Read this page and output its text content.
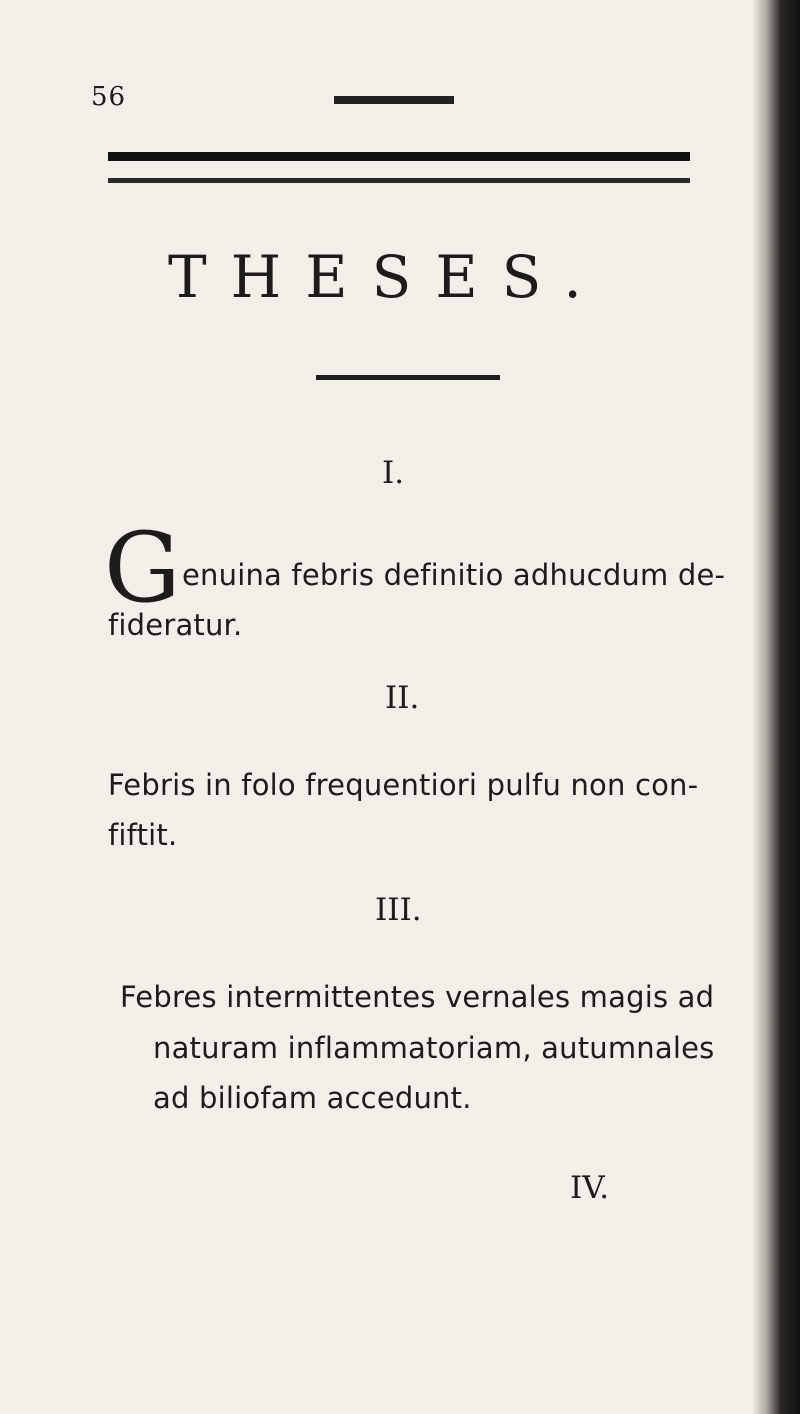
56
THESES.
I.
G enuina febris definitio adhucdum de-
fideratur.
II.
Febris in folo frequentiori pulfu non con-
fiftit.
III.
Febres intermittentes vernales magis ad
naturam inflammatoriam, autumnales
ad biliofam accedunt.
IV.
